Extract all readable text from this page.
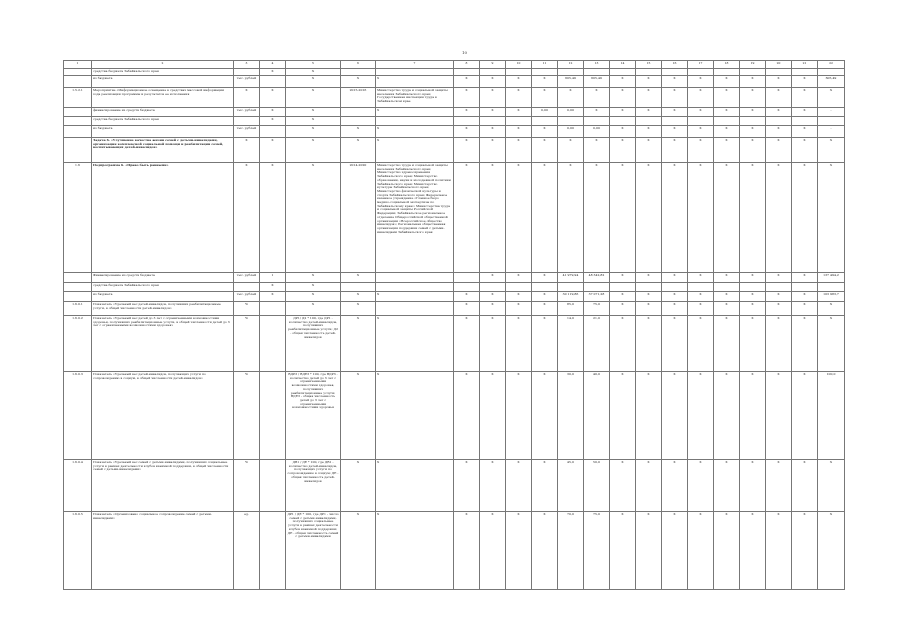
10
1	2	3	4	5	6	7	8	9	10	11	12	13	14	15	16	17	18	19	20	21	22
	средства бюджета Забайкальского края		X	X																	
	из бюджета	тыс. рублей		X	X	X	X	X	X	X	605,49	605,49	X	X	X	X	X	X	X	X	605,49
1.5.2.1	Мероприятие «Информационное освещение в средствах массовой информации хода реализации программы и результатов ее исполнения	X	X	X	2015-2016	Министерство труда и социальной защиты населения Забайкальского края; Государственная инспекция труда в Забайкальском крае	X	X	X	X	X	X	X	X	X	X	X	X	X	X	X
	финансирование из средств бюджета	тыс. рублей	X	X		X	X	X	X	0,00	0,00	X	X	X	X	X	X	X	X	X	-
	средства бюджета Забайкальского края		X	X																	
	из бюджета	тыс. рублей		X	X	X	X	X	X	X	0,00	0,00	X	X	X	X	X	X	X	X	-
	Задача 6. «Улучшение качества жизни семей с детьми-инвалидами, организация комплексной социальной помощи и реабилитации семей, воспитывающих детей-инвалидов»	X	X	X	X	X	X	X	X	X	X	X	X	X	X	X	X	X	X	X	X
1.6	Подпрограмма 6. «Право быть равными»	X	X	X	2014-2020	Министерство труда и социальной защиты населения Забайкальского края; Министерство здравоохранения Забайкальского края; Министерство образования, науки и молодежной политики Забайкальского края; Министерство культуры Забайкальского края; Министерство физической культуры и спорта Забайкальского края; Федеральное казенное учреждение «Главное бюро медико-социальной экспертизы по Забайкальскому краю» Министерства труда и социальной защиты Российской Федерации; Забайкальское региональное отделение Общероссийской общественной организации «Всероссийское общество инвалидов»; Региональная общественная организация поддержки семей с детьми-инвалидами Забайкальского края	X	X	X	X	X	X	X	X	X	X	X	X	X	X	X
	Финансирование из средств бюджета	тыс. рублей	1	X	X			X	X	X	41 979,94	48 342,82	X	X	X	X	X	X	X	X	137 494,2
	средства бюджета Забайкальского края		X	X																	
	из бюджета	тыс. рублей	X	X	X	X	X	X	X	X	30 119,86	37 071,28	X	X	X	X	X	X	X	X	103 983,7
1.6.0.1	Показатель «Удельный вес детей-инвалидов, получивших реабилитационные услуги, в общей численности детей-инвалидов»	%		X	X		X	X	X	X	85,0	75,0	X	X	X	X	X	X	X	X	X
1.6.0.2	Показатель «Удельный вес детей до 3 лет с ограниченными возможностями здоровья, получивших реабилитационные услуги, в общей численности детей до 3 лет с ограниченными возможностями здоровья»	%		ДР1/ Д2 * 100, где ДР1 - количество детей-инвалидов, получивших реабилитационные услуги; Д2 - общая численность детей-инвалидов	X	X	X	X	X	X	14,0	21,0	X	X	X	X	X	X	X	X	X
1.6.0.3	Показатель «Удельный вес детей-инвалидов, получающих услуги по сопровождению в социум, в общей численности детей-инвалидов»	%		ВДР3 / ВДЕ3 * 100, где ВДР3 - количество детей до 3 лет с ограниченными возможностями здоровья, получивших реабилитационные услуги; ВДЕ3 - общая численность детей до 3 лет с ограниченными возможностями здоровья	X	X	X	X	X	X	30,0	40,0	X	X	X	X	X	X	X	X	100,0
1.6.0.4	Показатель «Удельный вес семей с детьми-инвалидами, получивших социальные услуги в рамках деятельности клубов взаимной поддержки, в общей численности семей с детьми-инвалидами»	%		ДВ1 / ДЕ * 100, где ДВ1 - количество детей-инвалидов, получающих услуги по сопровождению в социум; ДЕ - общая численность детей-инвалидов	X	X	X	X	X	X	45,0	50,0	X	X	X	X	X	X	X	X	X
1.6.0.5	Показатель «Организовано социальное сопровождение семей с детьми-инвалидами»	ед.		ДР1 / ДЕ * 100, где ДР1 - число семей с детьми-инвалидами, получивших социальные услуги в рамках деятельности клубов взаимной поддержки; ДЕ - общая численность семей с детьми-инвалидами	X	X	X	X	X	X	70,0	75,0	X	X	X	X	X	X	X	X	X
